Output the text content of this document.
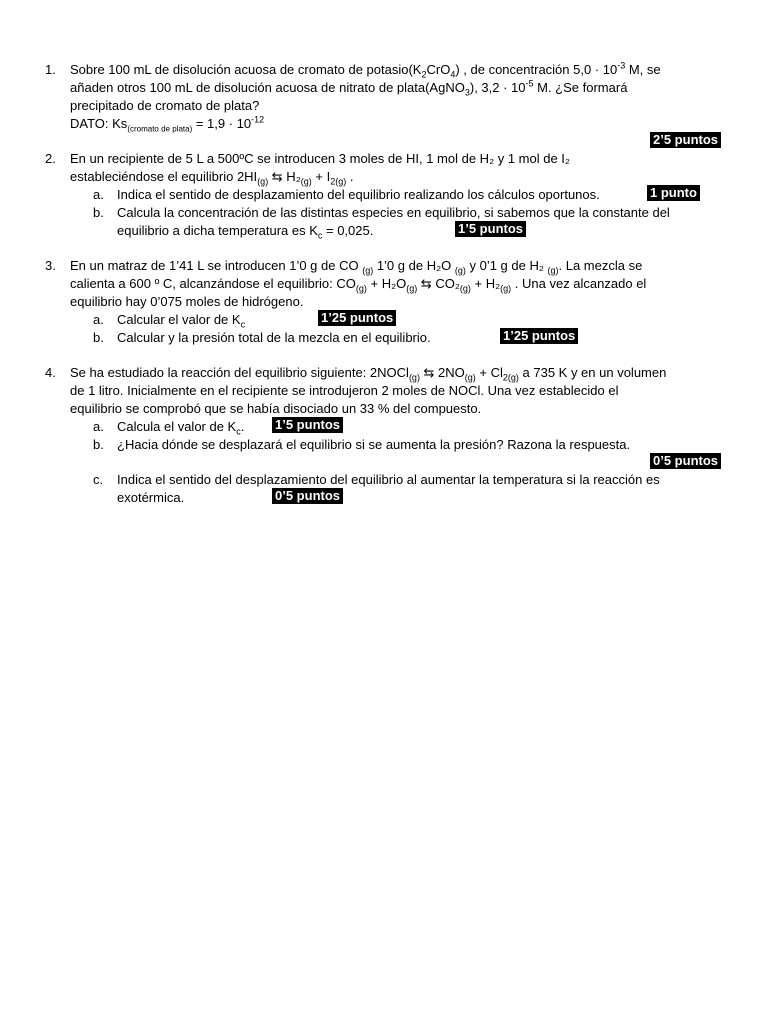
1. Sobre 100 mL de disolución acuosa de cromato de $potasio(K_2CrO_4)$ , de concentración $5,0 \cdot 10^{-3}$ M, se
añaden otros 100 mL de disolución acuosa de nitrato de plata(AgNO$_3$), $3,2 \cdot 10^{-5}$ M. ¿Se formará
precipitado de cromato de plata?
DATO: $Ks_{(cromato de plata)} = 1,9 \cdot 10^{-12}$
2’5 puntos
2. En un recipiente de 5 L a 500ºC se introducen 3 moles de HI, 1 mol de H₂ y 1 mol de I₂
estableciéndose el equilibrio $2HI_{(g)}$ ⇆ $H_2_{(g)} + I_{2(g)}$ .
a. Indica el sentido de desplazamiento del equilibrio realizando los cálculos oportunos.	1 punto
b. Calcula la concentración de las distintas especies en equilibrio, si sabemos que la constante del
equilibrio a dicha temperatura es $K_c = 0,025$.	1’5 puntos
3. En un matraz de 1’41 L se introducen 1’0 g de CO $_{(g)}$ 1’0 g de H₂O $_{(g)}$ y 0’1 g de H₂ $_{(g)}$. La mezcla se
calienta a 600 º C, alcanzándose el equilibrio: $CO_{(g)} + H_2O_{(g)}$ ⇆ $CO_2_{(g)} + H_2_{(g)}$ . Una vez alcanzado el
equilibrio hay 0’075 moles de hidrógeno.
a. Calcular el valor de $K_c$	1’25 puntos
b. Calcular y la presión total de la mezcla en el equilibrio.	1’25 puntos
4. Se ha estudiado la reacción del equilibrio siguiente: 2NOCl$_{(g)}$ ⇆ $2NO_{(g)} + Cl_{2(g)}$ a 735 K y en un volumen
de 1 litro. Inicialmente en el recipiente se introdujeron 2 moles de NOCl. Una vez establecido el
equilibrio se comprobó que se había disociado un 33 % del compuesto.
a. Calcula el valor de $K_c$. 1’5 puntos
b. ¿Hacia dónde se desplazará el equilibrio si se aumenta la presión? Razona la respuesta.
0’5 puntos
c. Indica el sentido del desplazamiento del equilibrio al aumentar la temperatura si la reacción es
exotérmica.	0’5 puntos
